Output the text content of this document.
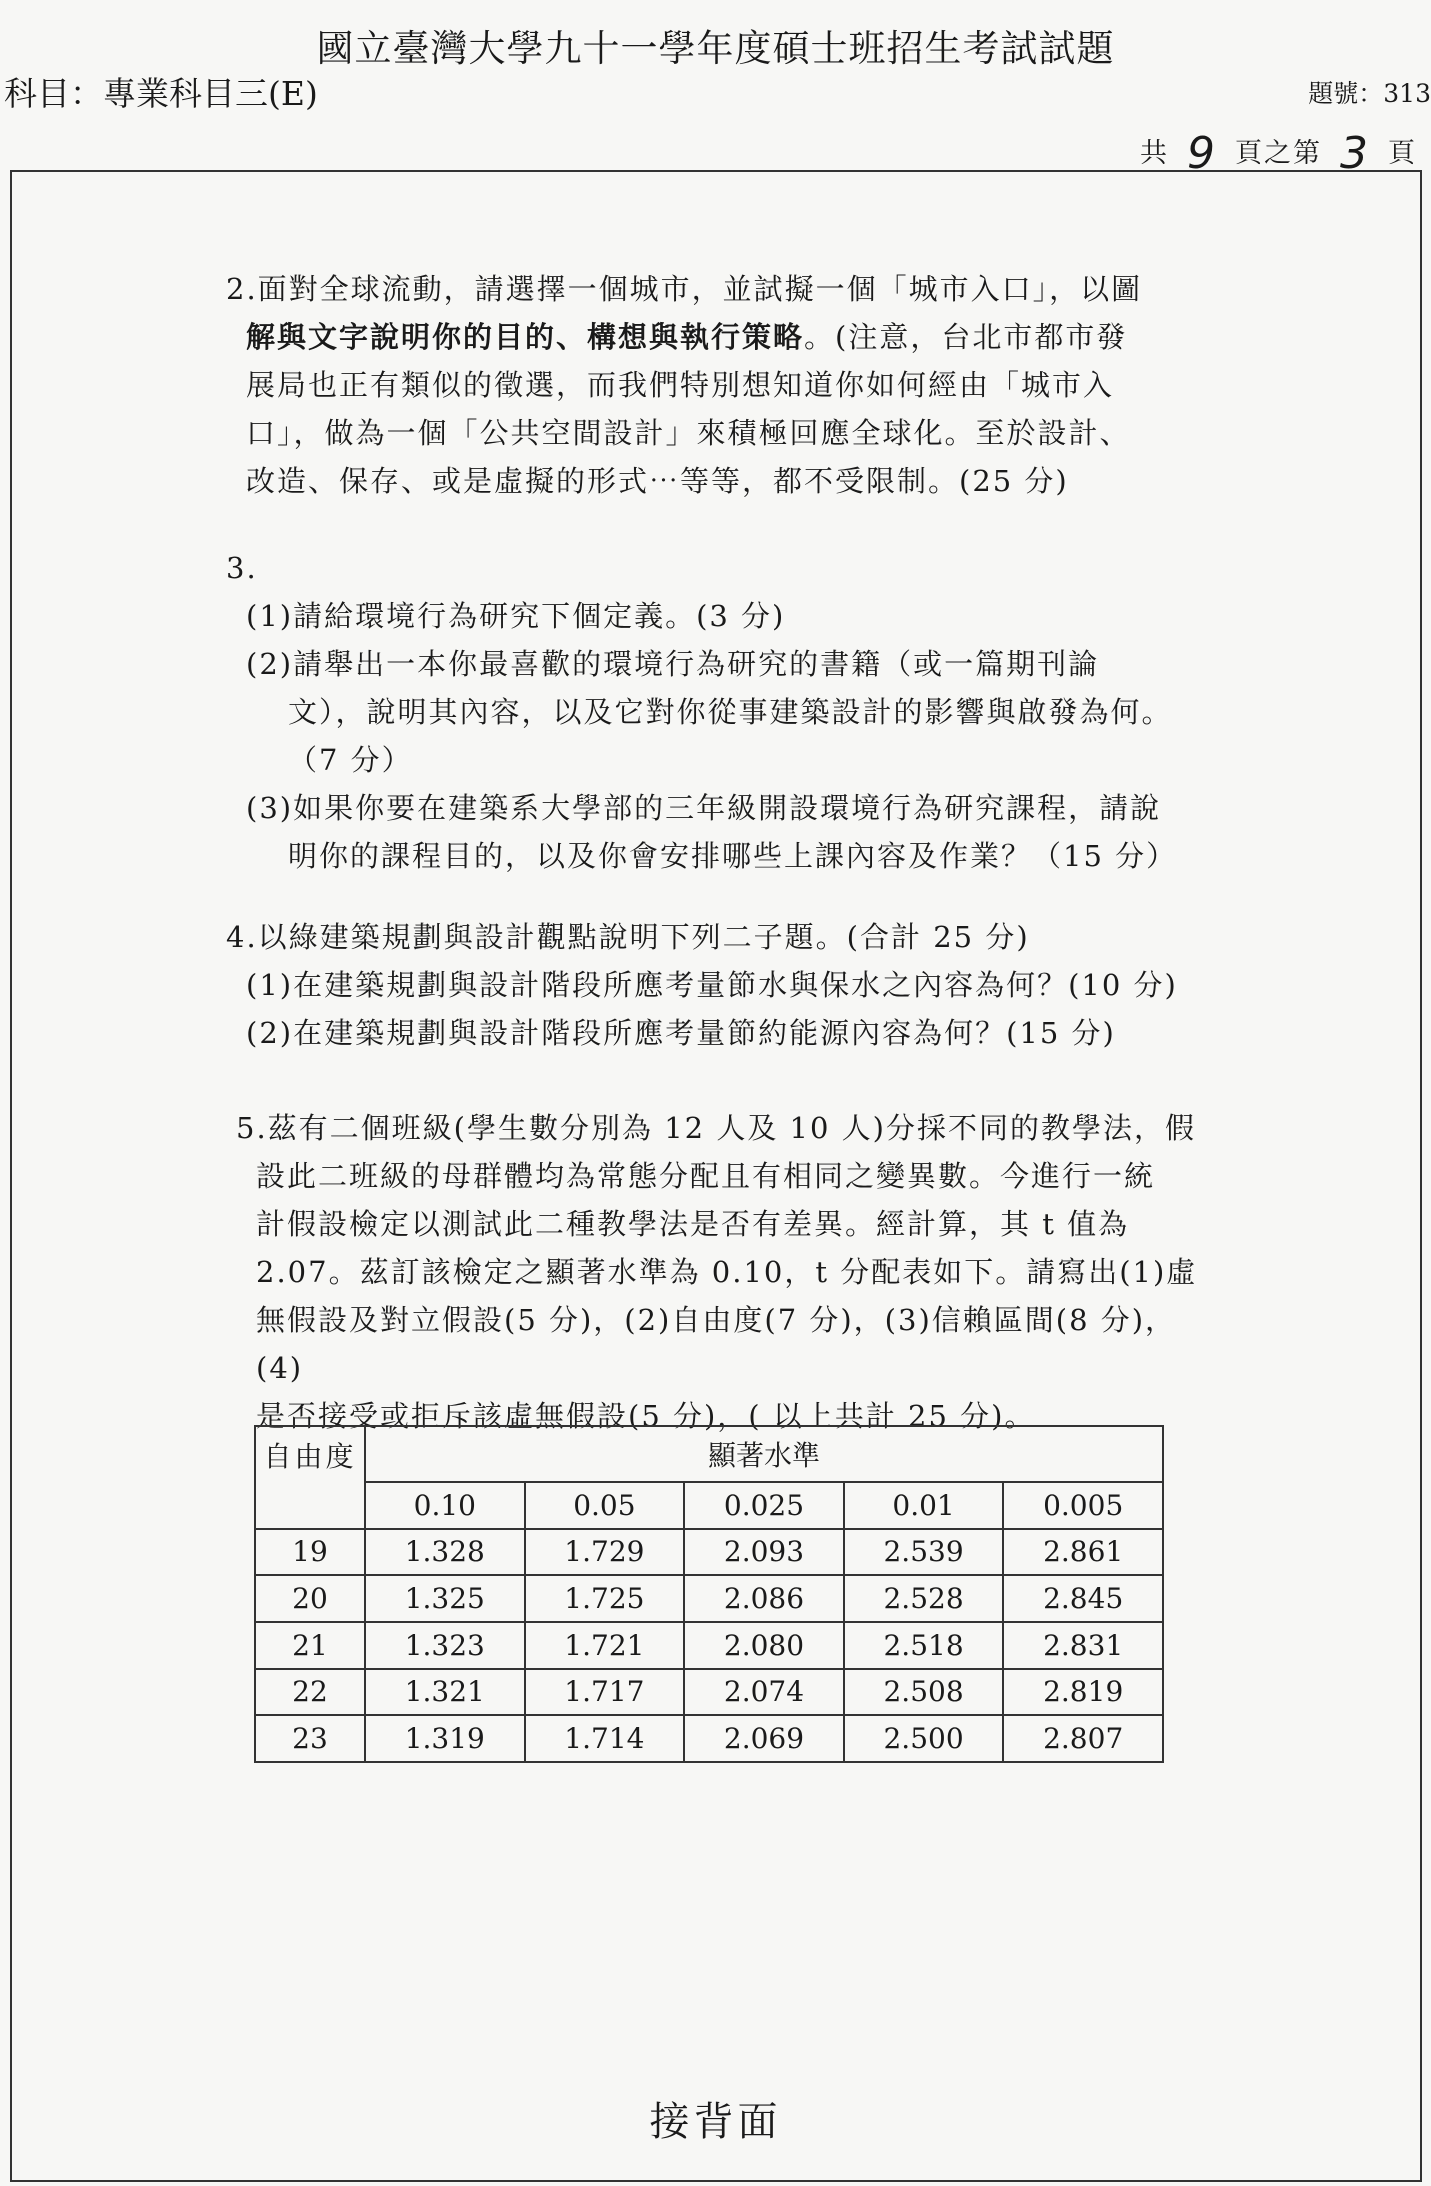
國立臺灣大學九十一學年度碩士班招生考試試題
科目：專業科目三(E)	題號：313
共 9 頁之第 3 頁

2.面對全球流動，請選擇一個城市，並試擬一個「城市入口」，以圖

解與文字說明你的目的、構想與執行策略。(注意，台北市都市發

展局也正有類似的徵選，而我們特別想知道你如何經由「城市入

口」，做為一個「公共空間設計」來積極回應全球化。至於設計、

改造、保存、或是虛擬的形式⋯等等，都不受限制。(25 分)

3.

(1)請給環境行為研究下個定義。(3 分)

(2)請舉出一本你最喜歡的環境行為研究的書籍（或一篇期刊論

文），說明其內容，以及它對你從事建築設計的影響與啟發為何。

（7 分）

(3)如果你要在建築系大學部的三年級開設環境行為研究課程，請說

明你的課程目的，以及你會安排哪些上課內容及作業？（15 分）

4.以綠建築規劃與設計觀點說明下列二子題。(合計 25 分)

(1)在建築規劃與設計階段所應考量節水與保水之內容為何？(10 分)

(2)在建築規劃與設計階段所應考量節約能源內容為何？(15 分)

5.茲有二個班級(學生數分別為 12 人及 10 人)分採不同的教學法，假

設此二班級的母群體均為常態分配且有相同之變異數。今進行一統

計假設檢定以測試此二種教學法是否有差異。經計算，其 t 值為

2.07。茲訂該檢定之顯著水準為 0.10，t 分配表如下。請寫出(1)虛

無假設及對立假設(5 分)，(2)自由度(7 分)，(3)信賴區間(8 分)，(4)

是否接受或拒斥該虛無假設(5 分)，( 以上共計 25 分)。

自由度	顯著水準				
	0.10	0.05	0.025	0.01	0.005
19	1.328	1.729	2.093	2.539	2.861
20	1.325	1.725	2.086	2.528	2.845
21	1.323	1.721	2.080	2.518	2.831
22	1.321	1.717	2.074	2.508	2.819
23	1.319	1.714	2.069	2.500	2.807
接背面
